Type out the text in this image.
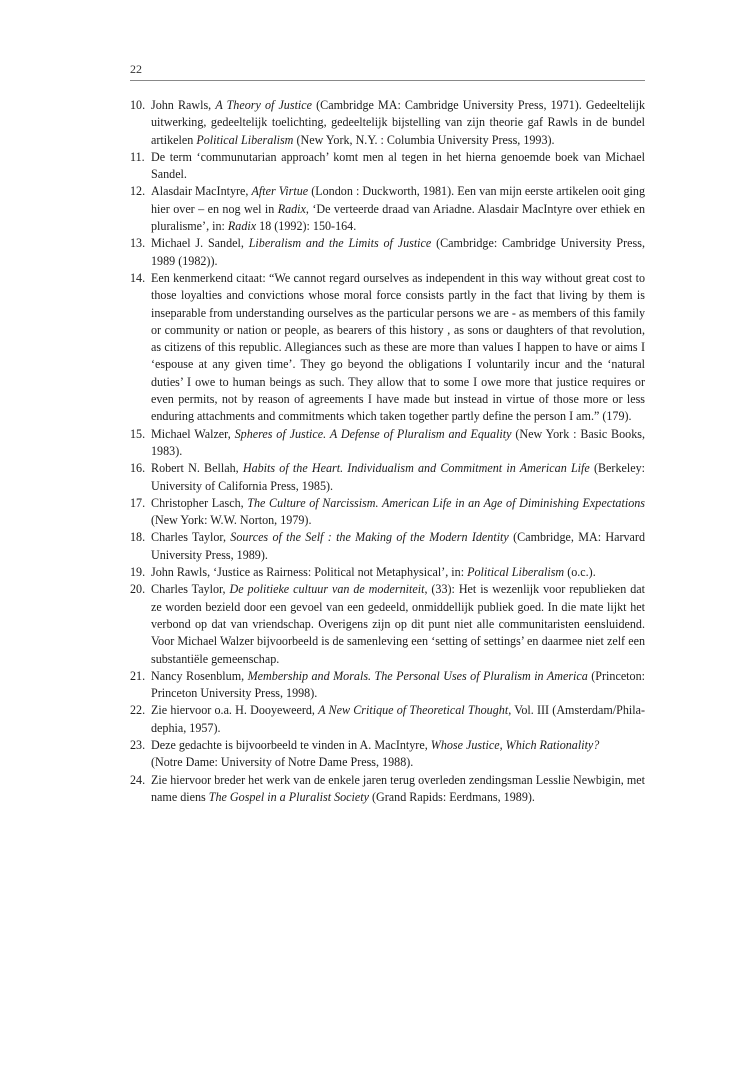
22
10. John Rawls, A Theory of Justice (Cambridge MA: Cambridge University Press, 1971). Gedeeltelijk uitwerking, gedeeltelijk toelichting, gedeeltelijk bijstelling van zijn theorie gaf Rawls in de bundel artikelen Political Liberalism (New York, N.Y. : Columbia University Press, 1993).
11. De term ‘communutarian approach’ komt men al tegen in het hierna genoemde boek van Michael Sandel.
12. Alasdair MacIntyre, After Virtue (London : Duckworth, 1981). Een van mijn eerste artikelen ooit ging hier over – en nog wel in Radix, ‘De verteerde draad van Ariadne. Alasdair MacIntyre over ethiek en pluralisme’, in: Radix 18 (1992): 150-164.
13. Michael J. Sandel, Liberalism and the Limits of Justice (Cambridge: Cambridge University Press, 1989 (1982)).
14. Een kenmerkend citaat: “We cannot regard ourselves as independent in this way without great cost to those loyalties and convictions whose moral force consists partly in the fact that living by them is inseparable from understanding ourselves as the particular persons we are - as members of this family or community or nation or people, as bearers of this history , as sons or daughters of that revolution, as citizens of this republic. Allegiances such as these are more than values I happen to have or aims I ‘espouse at any given time’. They go beyond the obligations I voluntarily incur and the ‘natural duties’ I owe to human beings as such. They allow that to some I owe more that justice requires or even permits, not by reason of agreements I have made but instead in virtue of those more or less enduring attachments and commitments which taken together partly define the person I am.” (179).
15. Michael Walzer, Spheres of Justice. A Defense of Pluralism and Equality (New York : Basic Books, 1983).
16. Robert N. Bellah, Habits of the Heart. Individualism and Commitment in American Life (Berkeley: University of California Press, 1985).
17. Christopher Lasch, The Culture of Narcissism. American Life in an Age of Diminishing Expectations (New York: W.W. Norton, 1979).
18. Charles Taylor, Sources of the Self : the Making of the Modern Identity (Cambridge, MA: Harvard University Press, 1989).
19. John Rawls, ‘Justice as Rairness: Political not Metaphysical’, in: Political Liberalism (o.c.).
20. Charles Taylor, De politieke cultuur van de moderniteit, (33): Het is wezenlijk voor republieken dat ze worden bezield door een gevoel van een gedeeld, onmiddellijk publiek goed. In die mate lijkt het verbond op dat van vriendschap. Overigens zijn op dit punt niet alle communitaristen eensluidend. Voor Michael Walzer bijvoorbeeld is de samenleving een ‘setting of settings’ en daarmee niet zelf een substantiële gemeenschap.
21. Nancy Rosenblum, Membership and Morals. The Personal Uses of Pluralism in America (Princeton: Princeton University Press, 1998).
22. Zie hiervoor o.a. H. Dooyeweerd, A New Critique of Theoretical Thought, Vol. III (Amsterdam/Philadephia, 1957).
23. Deze gedachte is bijvoorbeeld te vinden in A. MacIntyre, Whose Justice, Which Rationality?
(Notre Dame: University of Notre Dame Press, 1988).
24. Zie hiervoor breder het werk van de enkele jaren terug overleden zendingsman Lesslie Newbigin, met name diens The Gospel in a Pluralist Society (Grand Rapids: Eerdmans, 1989).
